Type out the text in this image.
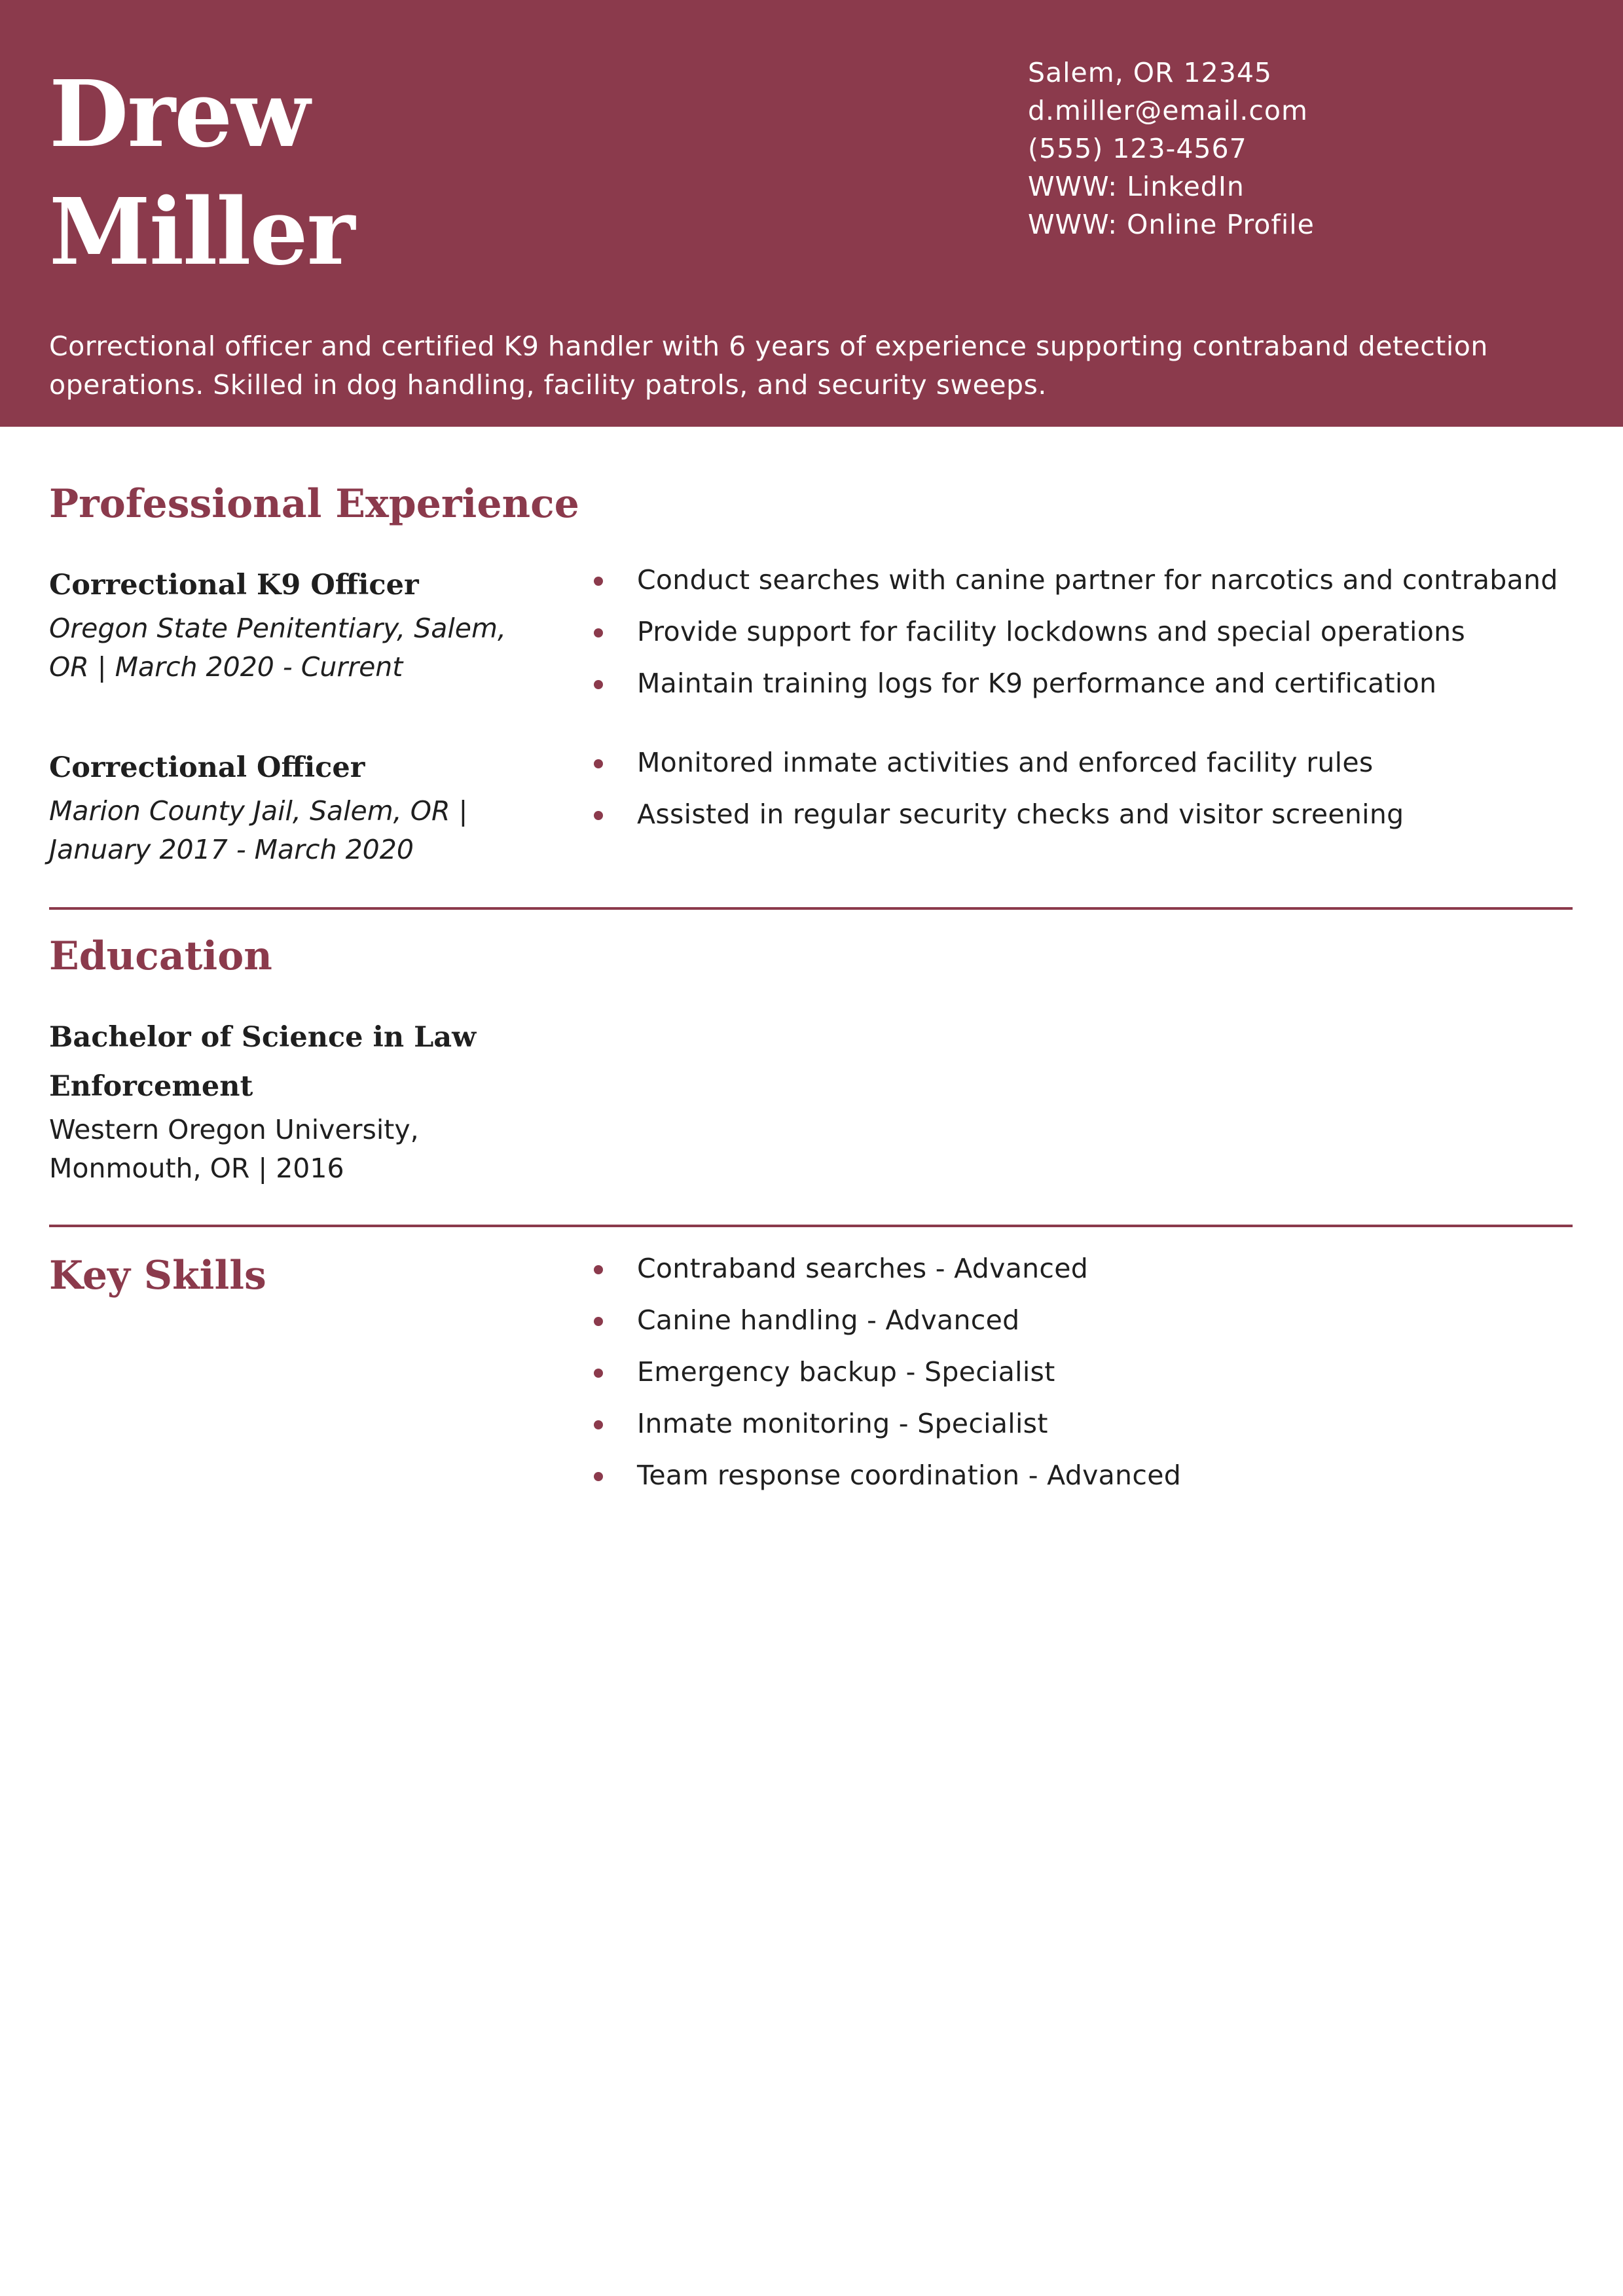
Drew
Miller
Salem, OR 12345
d.miller@email.com
(555) 123-4567
WWW: LinkedIn
WWW: Online Profile
Correctional officer and certified K9 handler with 6 years of experience supporting contraband detection operations. Skilled in dog handling, facility patrols, and security sweeps.
Professional Experience
Correctional K9 Officer
Oregon State Penitentiary, Salem, OR | March 2020 - Current
Conduct searches with canine partner for narcotics and contraband
Provide support for facility lockdowns and special operations
Maintain training logs for K9 performance and certification
Correctional Officer
Marion County Jail, Salem, OR | January 2017 - March 2020
Monitored inmate activities and enforced facility rules
Assisted in regular security checks and visitor screening
Education
Bachelor of Science in Law Enforcement
Western Oregon University, Monmouth, OR | 2016
Key Skills	Contraband searches - Advanced
Canine handling - Advanced
Emergency backup - Specialist
Inmate monitoring - Specialist
Team response coordination - Advanced
